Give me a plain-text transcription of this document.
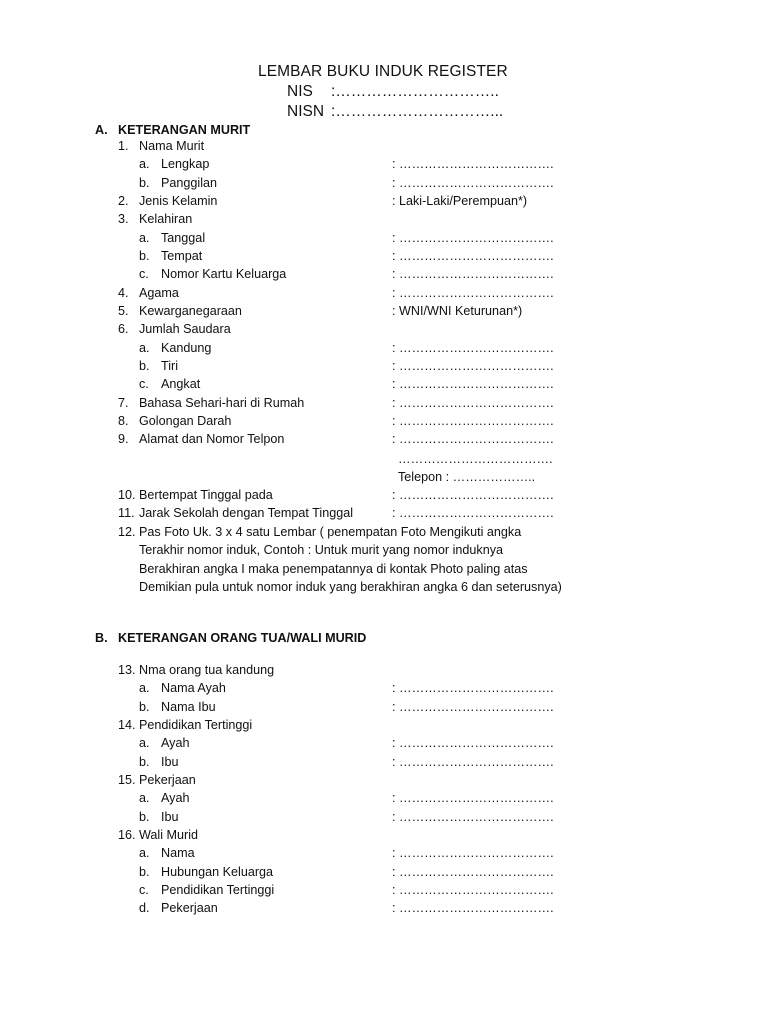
LEMBAR BUKU INDUK REGISTER
NIS :…………………………..
NISN :…………………………...
A. KETERANGAN MURIT
1. Nama Murit
a. Lengkap	: ……………………………….
b. Panggilan	: ……………………………….
2. Jenis Kelamin	: Laki-Laki/Perempuan*)
3. Kelahiran
a. Tanggal	: ……………………………….
b. Tempat	: ……………………………….
c. Nomor Kartu Keluarga	: ……………………………….
4. Agama	: ……………………………….
5. Kewarganegaraan	: WNI/WNI Keturunan*)
6. Jumlah Saudara
a. Kandung	: ……………………………….
b. Tiri	: ……………………………….
c. Angkat	: ……………………………….
7. Bahasa Sehari-hari di Rumah	: ……………………………….
8. Golongan Darah	: ……………………………….
9. Alamat dan Nomor Telpon	: ……………………………….
……………………………….
Telepon : ………………..
10. Bertempat Tinggal pada	: ……………………………….
11. Jarak Sekolah dengan Tempat Tinggal	: ……………………………….
12. Pas Foto Uk. 3 x 4 satu Lembar ( penempatan Foto Mengikuti angka
Terakhir nomor induk, Contoh : Untuk murit yang nomor induknya
Berakhiran angka I maka penempatannya di kontak Photo paling atas
Demikian pula untuk nomor induk yang berakhiran angka 6 dan seterusnya)
B. KETERANGAN ORANG TUA/WALI MURID
13. Nma orang tua kandung
a. Nama Ayah	: ……………………………….
b. Nama Ibu	: ……………………………….
14. Pendidikan Tertinggi
a. Ayah	: ……………………………….
b. Ibu	: ……………………………….
15. Pekerjaan
a. Ayah	: ……………………………….
b. Ibu	: ……………………………….
16. Wali Murid
a. Nama	: ……………………………….
b. Hubungan Keluarga	: ……………………………….
c. Pendidikan Tertinggi	: ……………………………….
d. Pekerjaan	: ……………………………….
